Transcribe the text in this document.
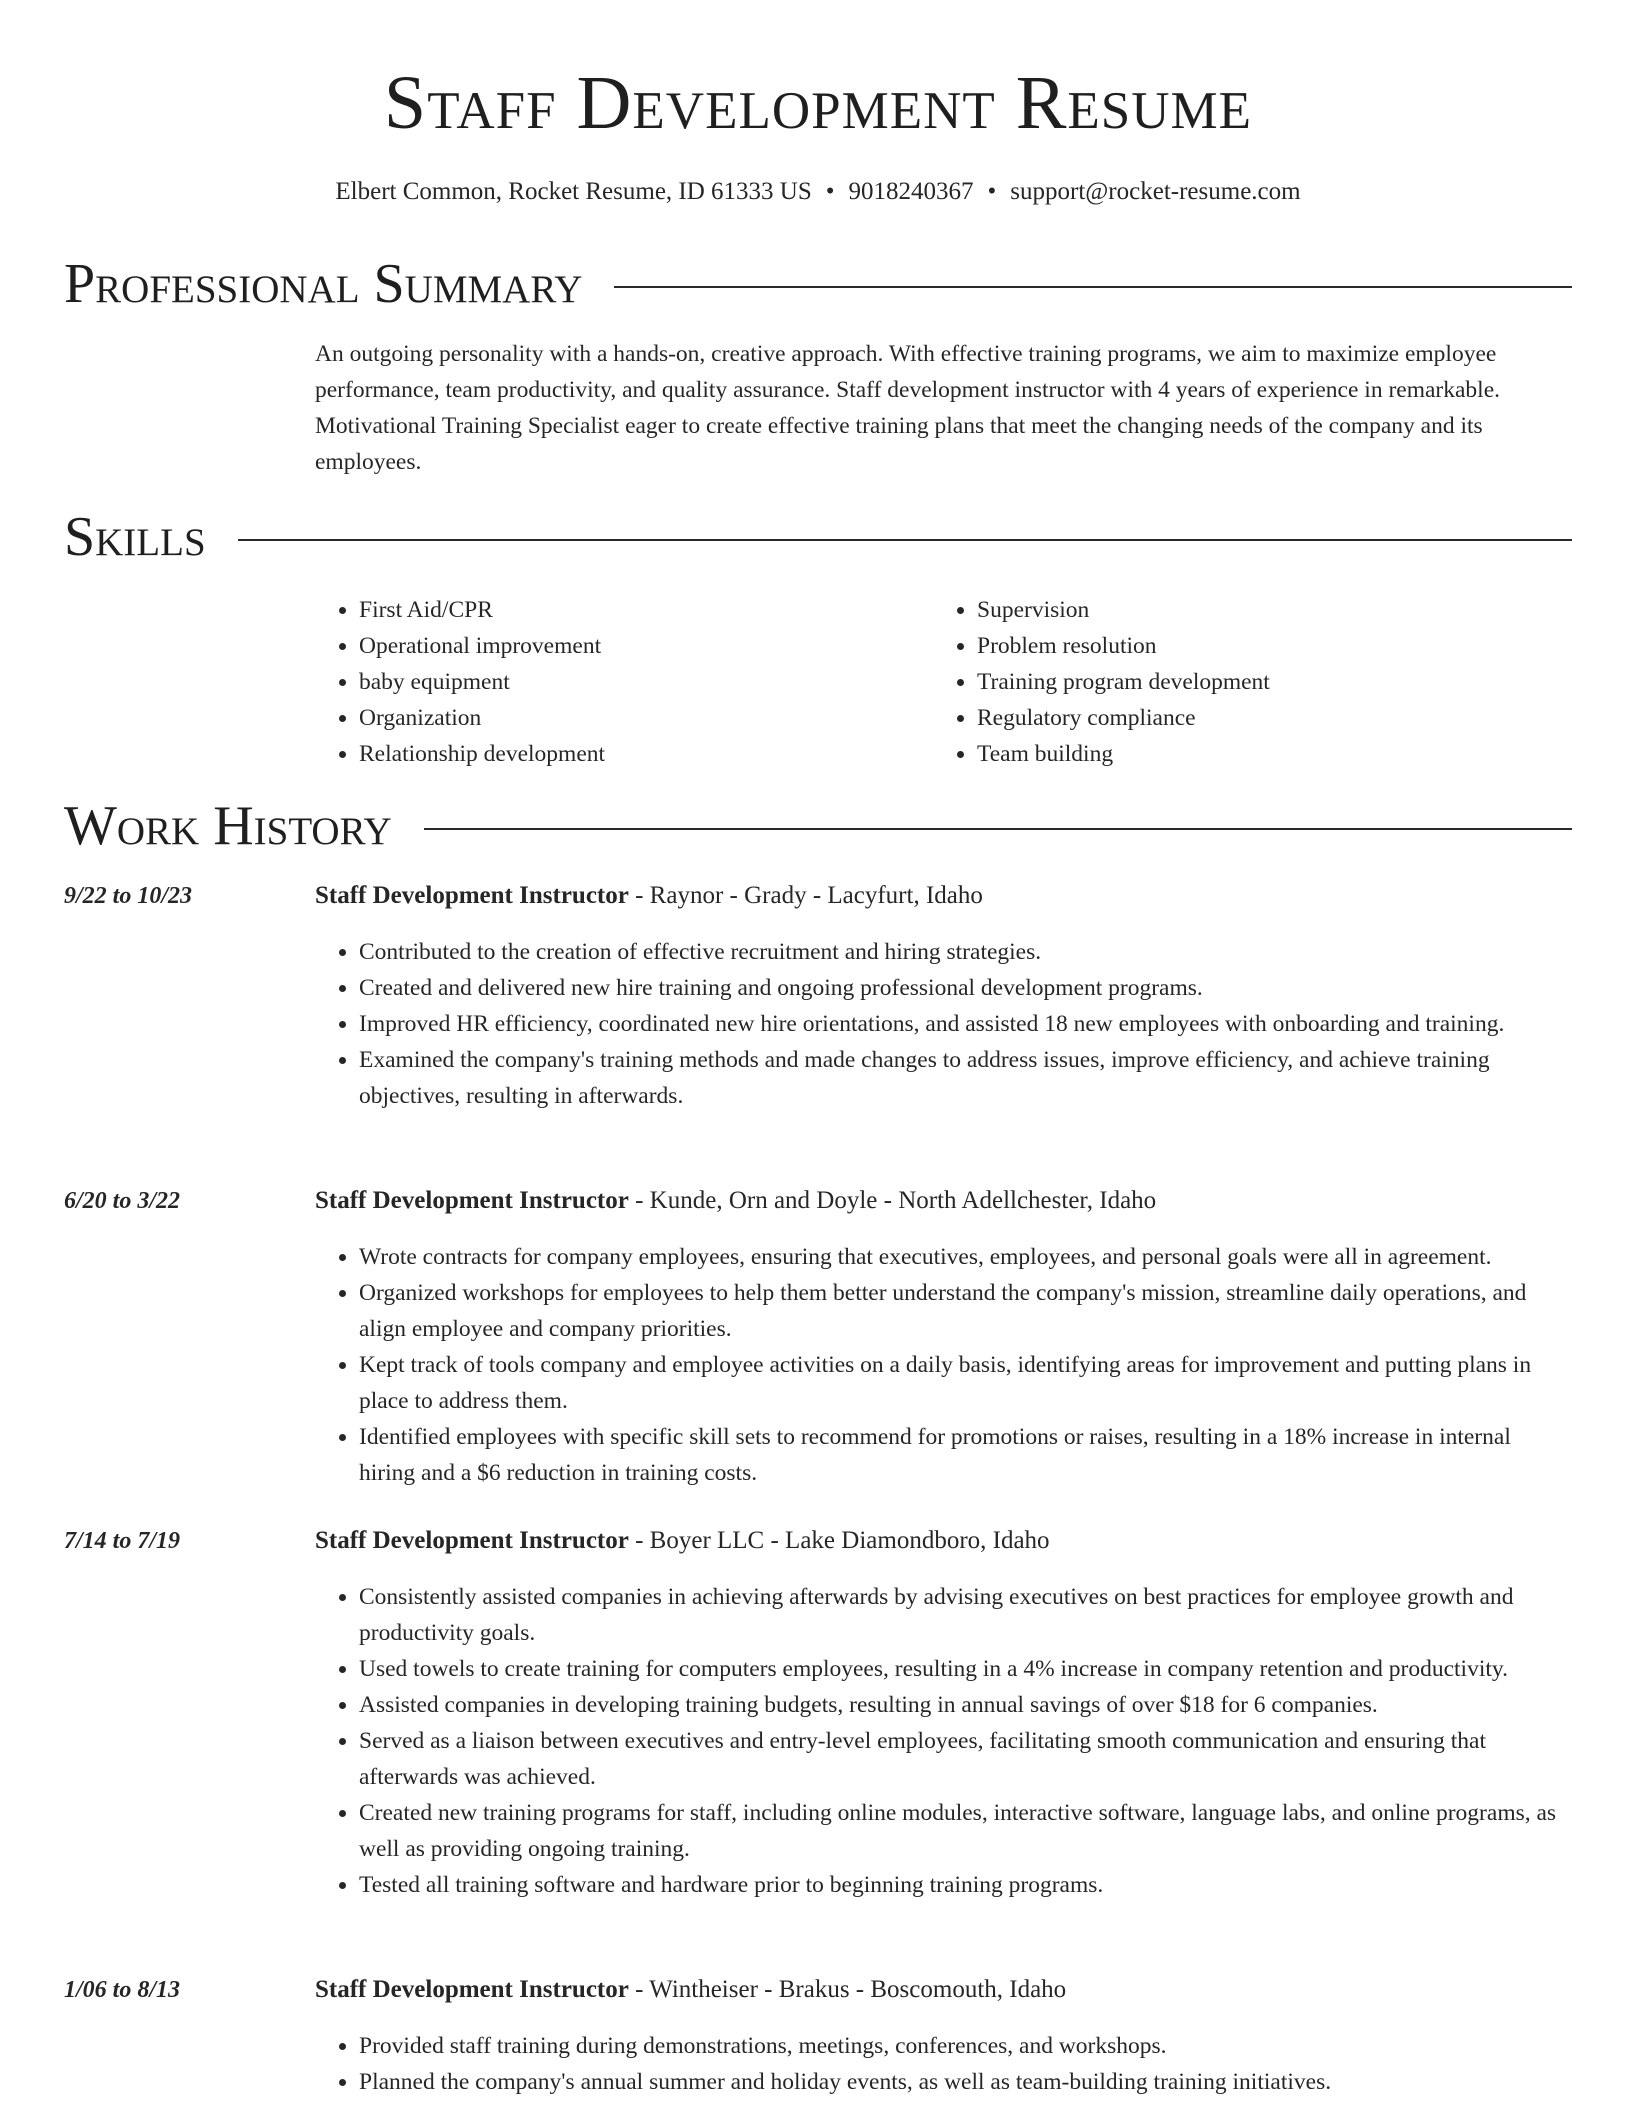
Staff Development Resume
Elbert Common, Rocket Resume, ID 61333 US • 9018240367 • support@rocket-resume.com
Professional Summary

An outgoing personality with a hands-on, creative approach. With effective training programs, we aim to maximize employee performance, team productivity, and quality assurance. Staff development instructor with 4 years of experience in remarkable. Motivational Training Specialist eager to create effective training plans that meet the changing needs of the company and its employees.

Skills
• First Aid/CPR
• Operational improvement
• baby equipment
• Organization
• Relationship development
• Supervision
• Problem resolution
• Training program development
• Regulatory compliance
• Team building
Work History
9/22 to 10/23	Staff Development Instructor - Raynor - Grady - Lacyfurt, Idaho
• Contributed to the creation of effective recruitment and hiring strategies.
• Created and delivered new hire training and ongoing professional development programs.
• Improved HR efficiency, coordinated new hire orientations, and assisted 18 new employees with onboarding and training.
• Examined the company's training methods and made changes to address issues, improve efficiency, and achieve training objectives, resulting in afterwards.
6/20 to 3/22	Staff Development Instructor - Kunde, Orn and Doyle - North Adellchester, Idaho
• Wrote contracts for company employees, ensuring that executives, employees, and personal goals were all in agreement.
• Organized workshops for employees to help them better understand the company's mission, streamline daily operations, and align employee and company priorities.
• Kept track of tools company and employee activities on a daily basis, identifying areas for improvement and putting plans in place to address them.
• Identified employees with specific skill sets to recommend for promotions or raises, resulting in a 18% increase in internal hiring and a $6 reduction in training costs.
7/14 to 7/19	Staff Development Instructor - Boyer LLC - Lake Diamondboro, Idaho
• Consistently assisted companies in achieving afterwards by advising executives on best practices for employee growth and productivity goals.
• Used towels to create training for computers employees, resulting in a 4% increase in company retention and productivity.
• Assisted companies in developing training budgets, resulting in annual savings of over $18 for 6 companies.
• Served as a liaison between executives and entry-level employees, facilitating smooth communication and ensuring that afterwards was achieved.
• Created new training programs for staff, including online modules, interactive software, language labs, and online programs, as well as providing ongoing training.
• Tested all training software and hardware prior to beginning training programs.
1/06 to 8/13	Staff Development Instructor - Wintheiser - Brakus - Boscomouth, Idaho
• Provided staff training during demonstrations, meetings, conferences, and workshops.
• Planned the company's annual summer and holiday events, as well as team-building training initiatives.
